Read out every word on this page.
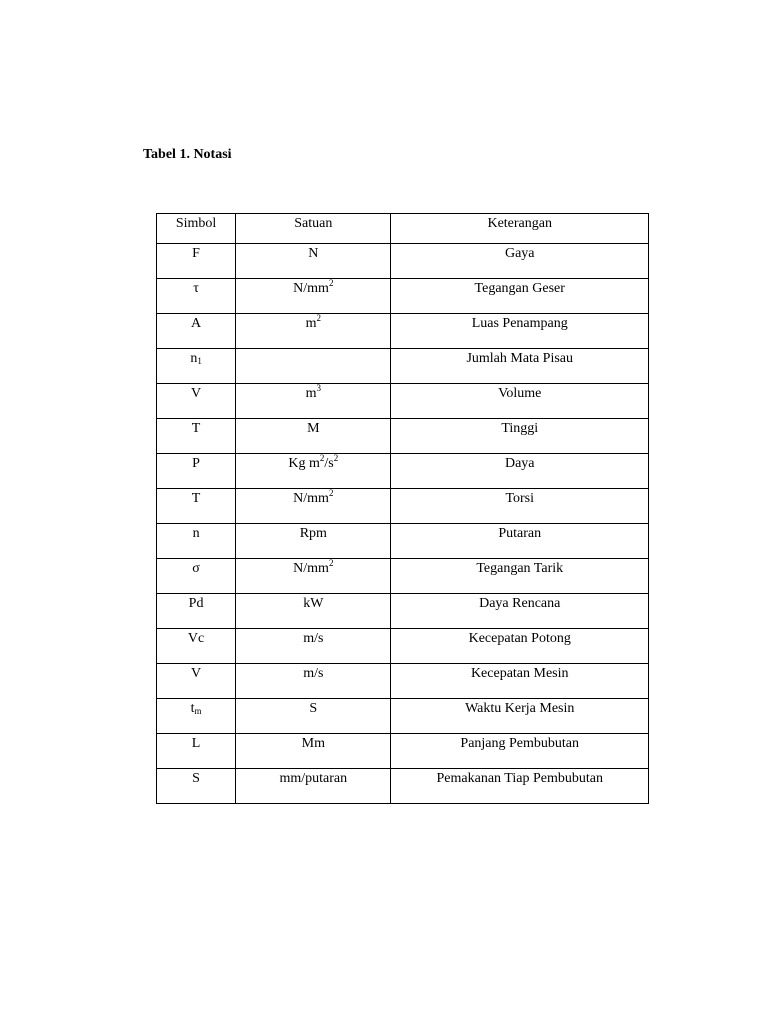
Tabel 1. Notasi
Simbol	Satuan	Keterangan
F	N	Gaya
τ	$N/mm^2$	Tegangan Geser
A	$m^2$	Luas Penampang
$n_1$		Jumlah Mata Pisau
V	$m^3$	Volume
T	M	Tinggi
P	Kg $m^2/s^2$	Daya
T	$N/mm^2$	Torsi
n	Rpm	Putaran
σ	$N/mm^2$	Tegangan Tarik
Pd	kW	Daya Rencana
Vc	m/s	Kecepatan Potong
V	m/s	Kecepatan Mesin
$t_m$	S	Waktu Kerja Mesin
L	Mm	Panjang Pembubutan
S	mm/putaran	Pemakanan Tiap Pembubutan
